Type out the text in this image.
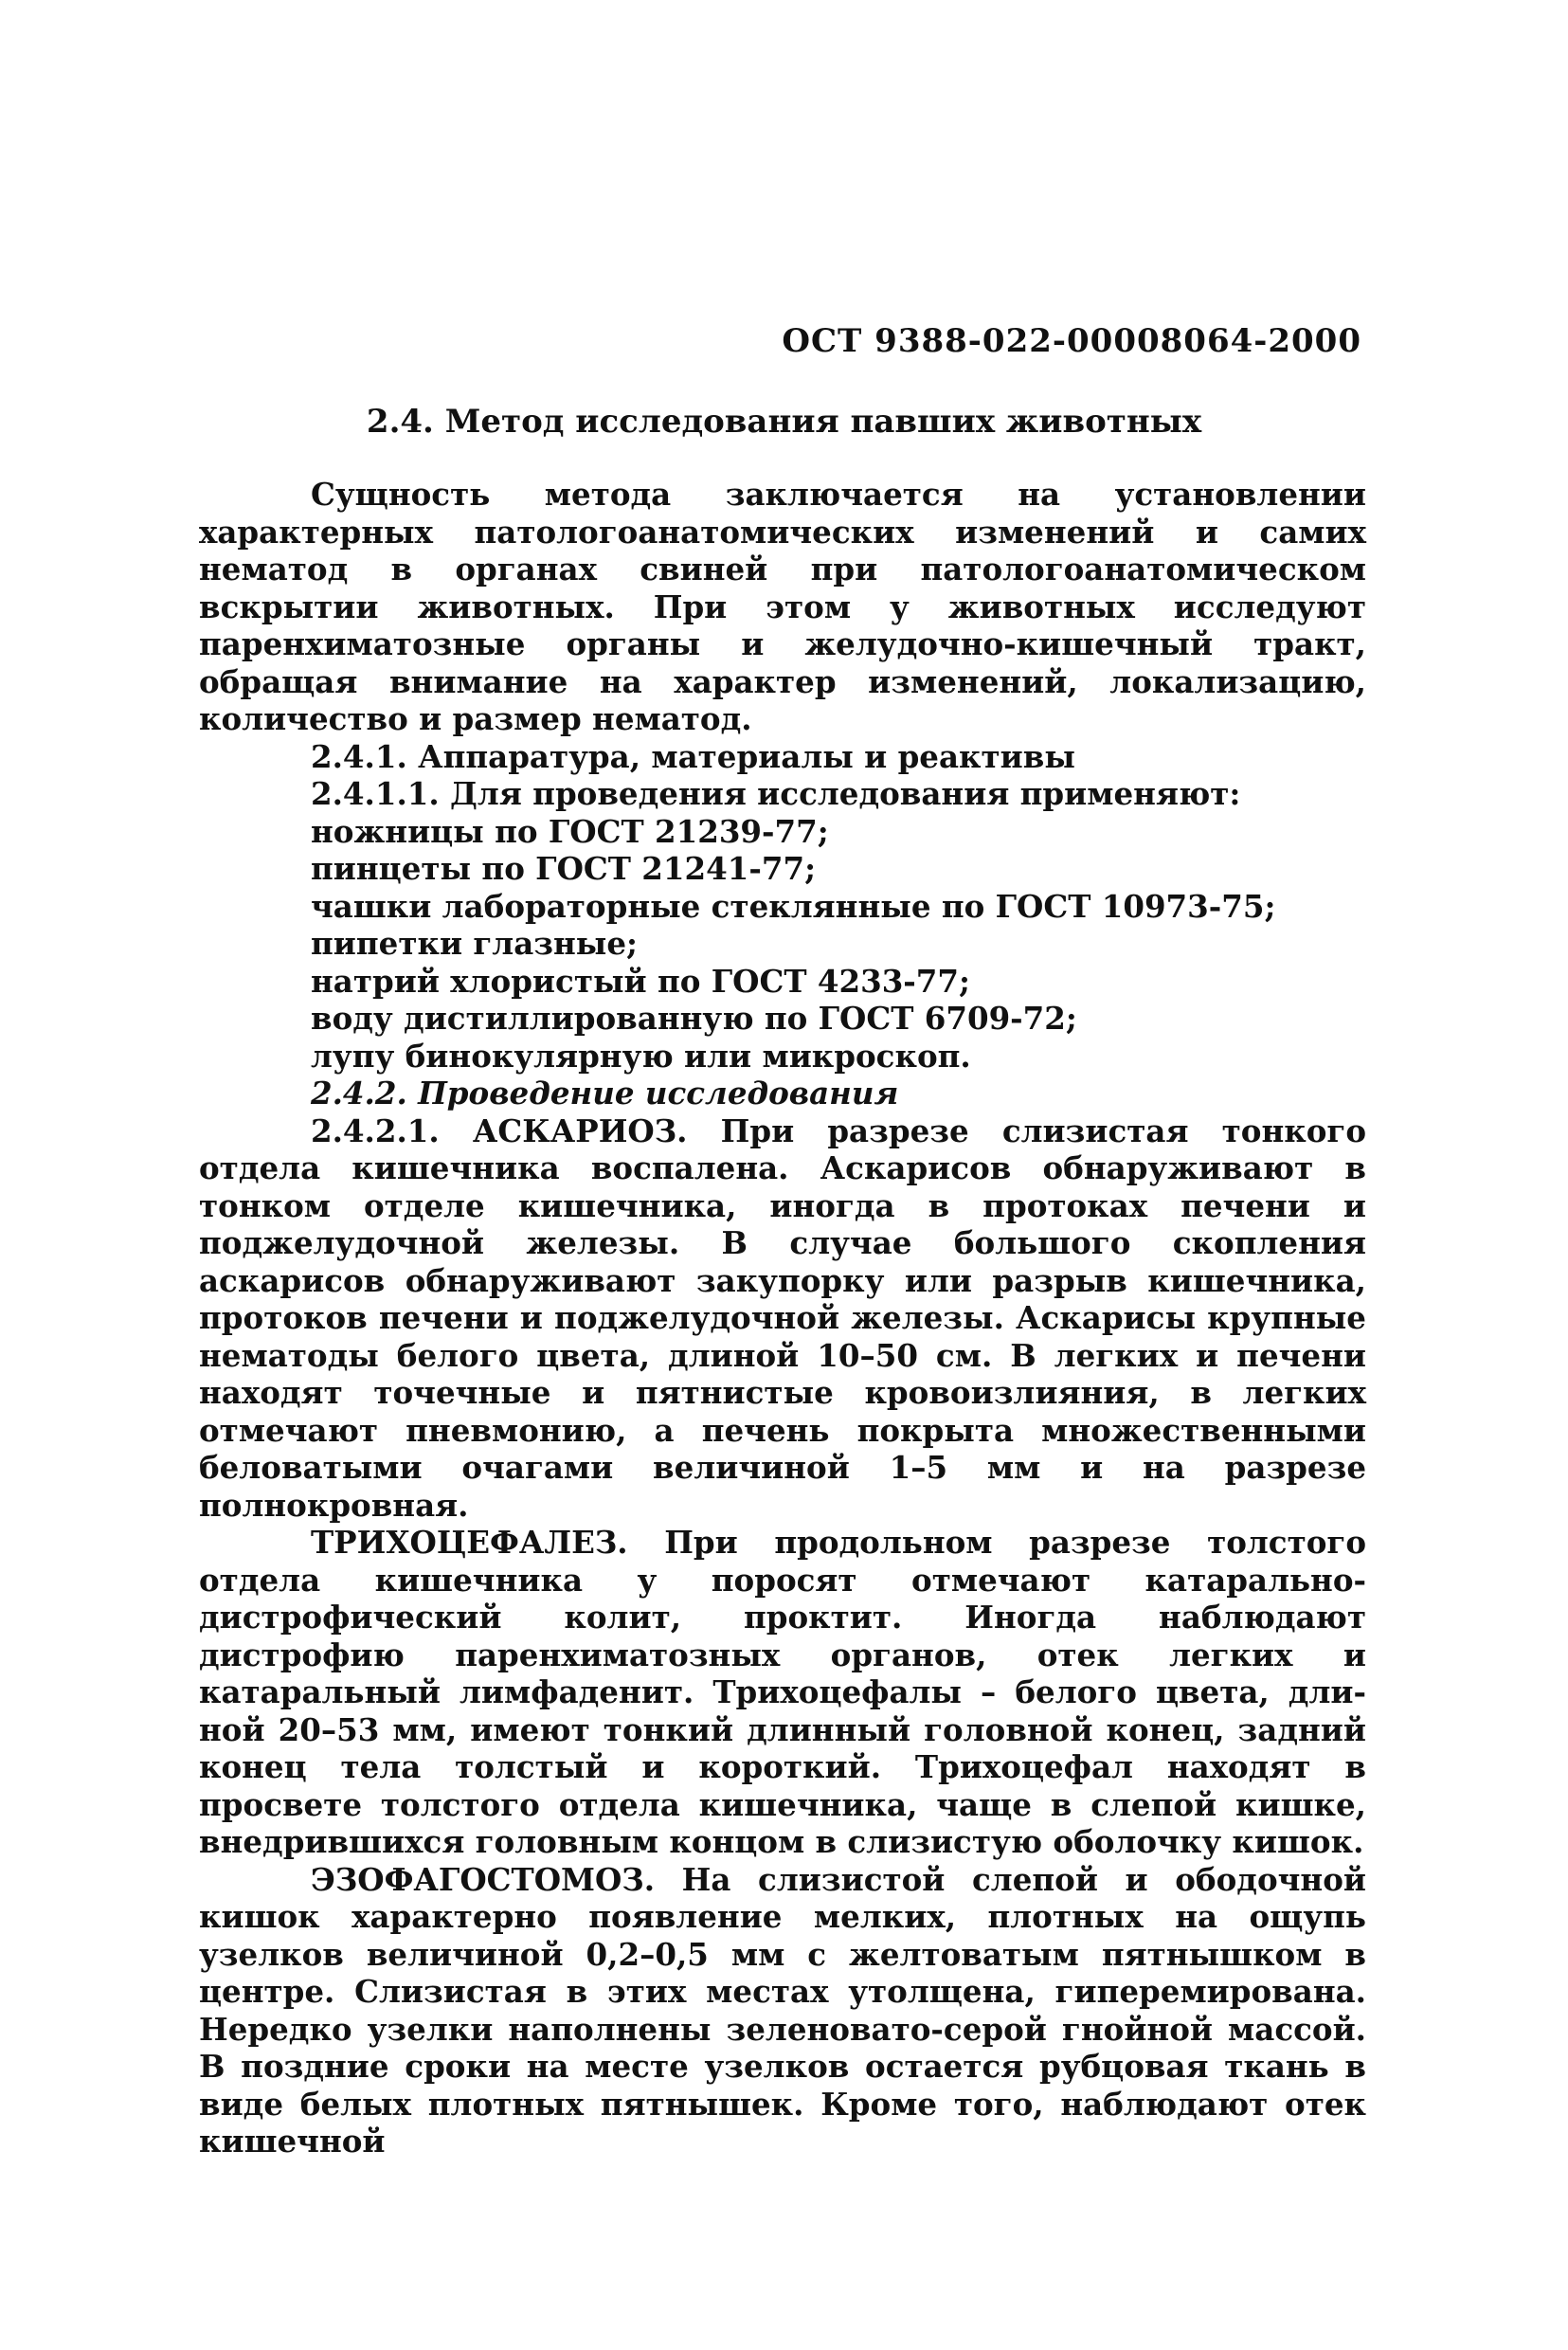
ОСТ 9388-022-00008064-2000
2.4. Метод исследования павших животных

Сущность метода заключается на установлении характерных патологоанатомических изменений и самих нематод в органах свиней при патологоанатомическом вскрытии животных. При этом у животных исследуют паренхиматозные органы и желудочно-кишечный тракт, обращая внимание на характер изменений, локализацию, количество и размер нематод.

2.4.1. Аппаратура, материалы и реактивы

2.4.1.1. Для проведения исследования применяют:

ножницы по ГОСТ 21239-77;

пинцеты по ГОСТ 21241-77;

чашки лабораторные стеклянные по ГОСТ 10973-75;

пипетки глазные;

натрий хлористый по ГОСТ 4233-77;

воду дистиллированную по ГОСТ 6709-72;

лупу бинокулярную или микроскоп.

2.4.2. Проведение исследования

2.4.2.1. АСКАРИОЗ. При разрезе слизистая тонкого отдела кишечника воспалена. Аскарисов обнаруживают в тонком отделе кишечника, иногда в протоках печени и поджелудочной железы. В случае большого скопления аскарисов обнаруживают закупорку или разрыв кишечника, протоков печени и поджелудочной железы. Аскарисы крупные нематоды белого цвета, длиной 10–50 см. В легких и печени находят точечные и пятнистые кровоизлияния, в легких отмечают пневмонию, а печень покрыта множественными беловатыми очагами величиной 1–5 мм и на разрезе полнокровная.

ТРИХОЦЕФАЛЕЗ. При продольном разрезе толстого отдела кишечника у поросят отмечают катарально-дистрофический колит, проктит. Иногда наблюдают дистрофию паренхиматозных органов, отек легких и катаральный лимфаденит. Трихоцефалы – белого цвета, длиной 20–53 мм, имеют тонкий длинный головной конец, задний конец тела толстый и короткий. Трихоцефал находят в просвете толстого отдела кишечника, чаще в слепой кишке, внедрившихся головным концом в слизистую оболочку кишок.

ЭЗОФАГОСТОМОЗ. На слизистой слепой и ободочной кишок характерно появление мелких, плотных на ощупь узелков величиной 0,2–0,5 мм с желтоватым пятнышком в центре. Слизистая в этих местах утолщена, гиперемирована. Нередко узелки наполнены зеленовато-серой гнойной массой. В поздние сроки на месте узелков остается рубцовая ткань в виде белых плотных пятнышек. Кроме того, наблюдают отек кишечной
